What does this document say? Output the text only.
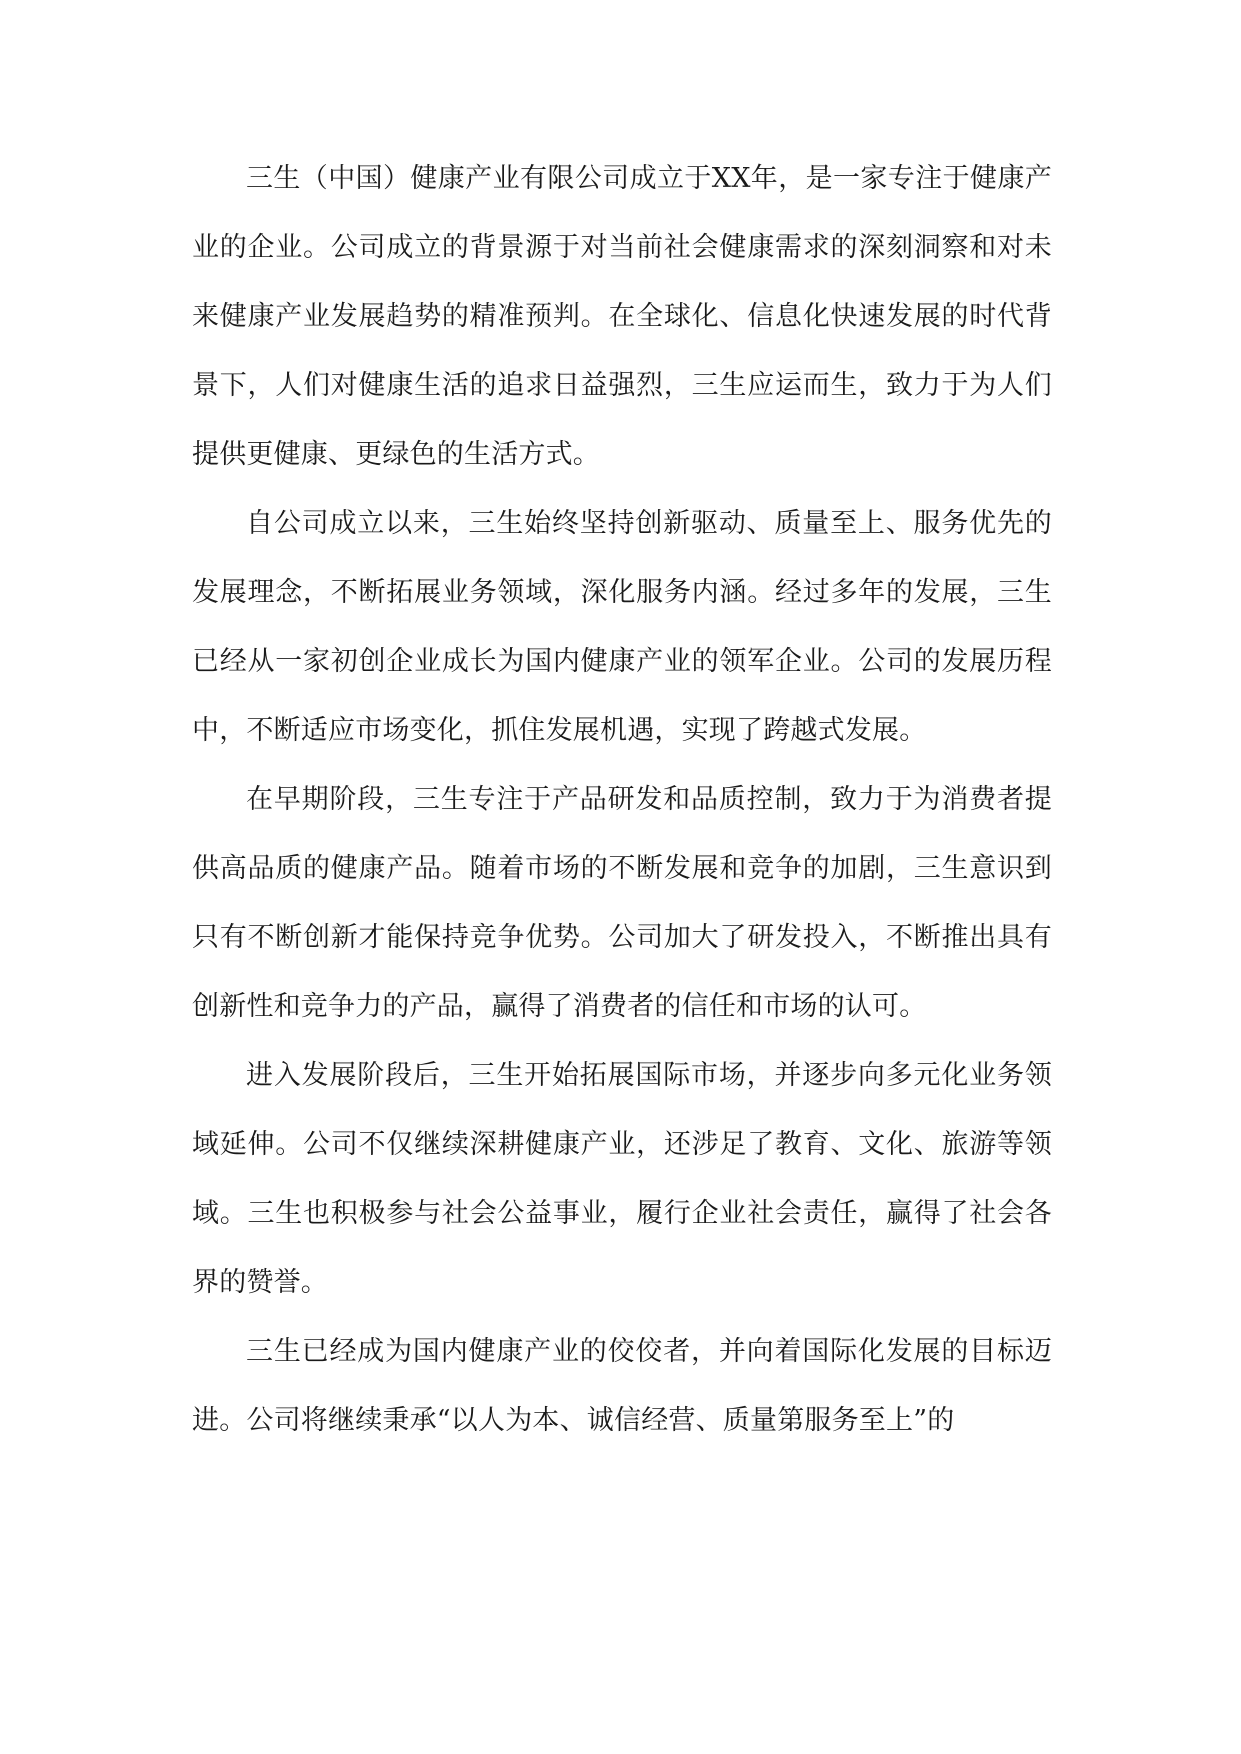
三生（中国）健康产业有限公司成立于XX年，是一家专注于健康产业的企业。公司成立的背景源于对当前社会健康需求的深刻洞察和对未来健康产业发展趋势的精准预判。在全球化、信息化快速发展的时代背景下，人们对健康生活的追求日益强烈，三生应运而生，致力于为人们提供更健康、更绿色的生活方式。

自公司成立以来，三生始终坚持创新驱动、质量至上、服务优先的发展理念，不断拓展业务领域，深化服务内涵。经过多年的发展，三生已经从一家初创企业成长为国内健康产业的领军企业。公司的发展历程中，不断适应市场变化，抓住发展机遇，实现了跨越式发展。

在早期阶段，三生专注于产品研发和品质控制，致力于为消费者提供高品质的健康产品。随着市场的不断发展和竞争的加剧，三生意识到只有不断创新才能保持竞争优势。公司加大了研发投入，不断推出具有创新性和竞争力的产品，赢得了消费者的信任和市场的认可。

进入发展阶段后，三生开始拓展国际市场，并逐步向多元化业务领域延伸。公司不仅继续深耕健康产业，还涉足了教育、文化、旅游等领域。三生也积极参与社会公益事业，履行企业社会责任，赢得了社会各界的赞誉。

三生已经成为国内健康产业的佼佼者，并向着国际化发展的目标迈进。公司将继续秉承“以人为本、诚信经营、质量第服务至上”的
